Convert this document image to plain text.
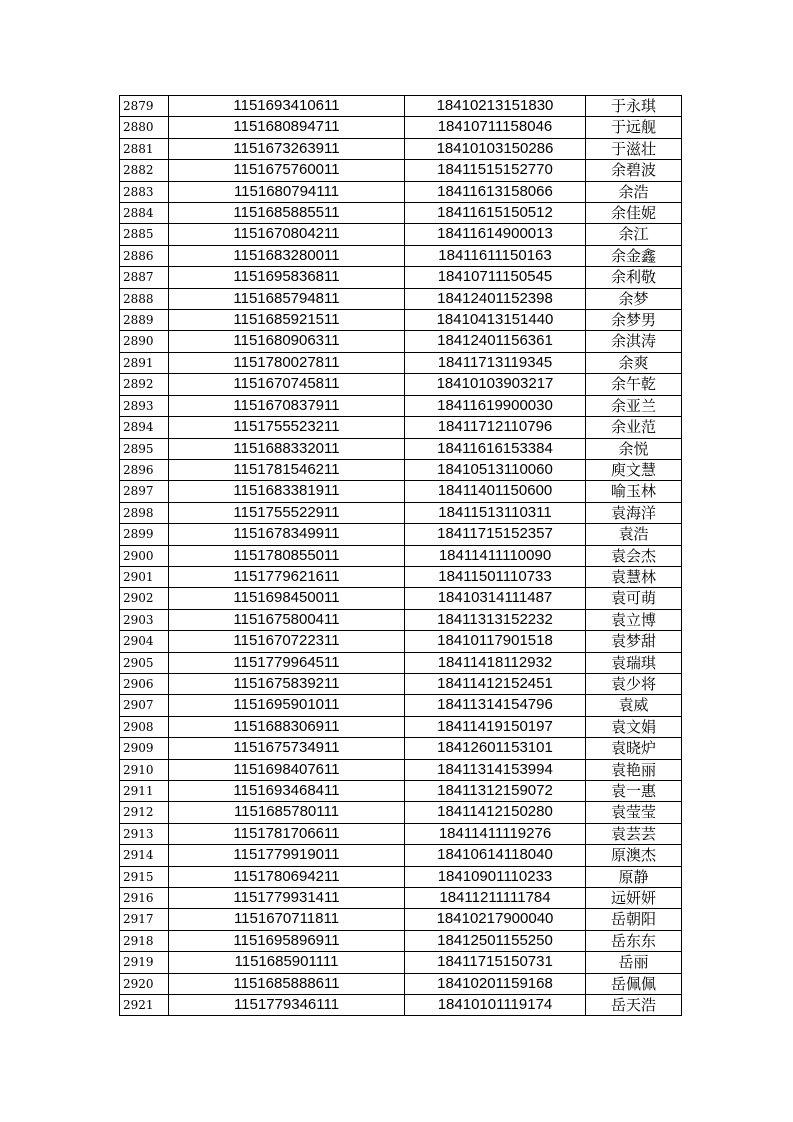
2879	1151693410611	18410213151830	于永琪
2880	1151680894711	18410711158046	于远舰
2881	1151673263911	18410103150286	于滋壮
2882	1151675760011	18411515152770	余碧波
2883	1151680794111	18411613158066	余浩
2884	1151685885511	18411615150512	余佳妮
2885	1151670804211	18411614900013	余江
2886	1151683280011	18411611150163	余金鑫
2887	1151695836811	18410711150545	余利敬
2888	1151685794811	18412401152398	余梦
2889	1151685921511	18410413151440	余梦男
2890	1151680906311	18412401156361	余淇涛
2891	1151780027811	18411713119345	余爽
2892	1151670745811	18410103903217	余午乾
2893	1151670837911	18411619900030	余亚兰
2894	1151755523211	18411712110796	余业范
2895	1151688332011	18411616153384	余悦
2896	1151781546211	18410513110060	庾文慧
2897	1151683381911	18411401150600	喻玉林
2898	1151755522911	18411513110311	袁海洋
2899	1151678349911	18411715152357	袁浩
2900	1151780855011	18411411110090	袁会杰
2901	1151779621611	18411501110733	袁慧林
2902	1151698450011	18410314111487	袁可萌
2903	1151675800411	18411313152232	袁立博
2904	1151670722311	18410117901518	袁梦甜
2905	1151779964511	18411418112932	袁瑞琪
2906	1151675839211	18411412152451	袁少将
2907	1151695901011	18411314154796	袁威
2908	1151688306911	18411419150197	袁文娟
2909	1151675734911	18412601153101	袁晓炉
2910	1151698407611	18411314153994	袁艳丽
2911	1151693468411	18411312159072	袁一惠
2912	1151685780111	18411412150280	袁莹莹
2913	1151781706611	18411411119276	袁芸芸
2914	1151779919011	18410614118040	原澳杰
2915	1151780694211	18410901110233	原静
2916	1151779931411	18411211111784	远妍妍
2917	1151670711811	18410217900040	岳朝阳
2918	1151695896911	18412501155250	岳东东
2919	1151685901111	18411715150731	岳丽
2920	1151685888611	18410201159168	岳佩佩
2921	1151779346111	18410101119174	岳天浩
